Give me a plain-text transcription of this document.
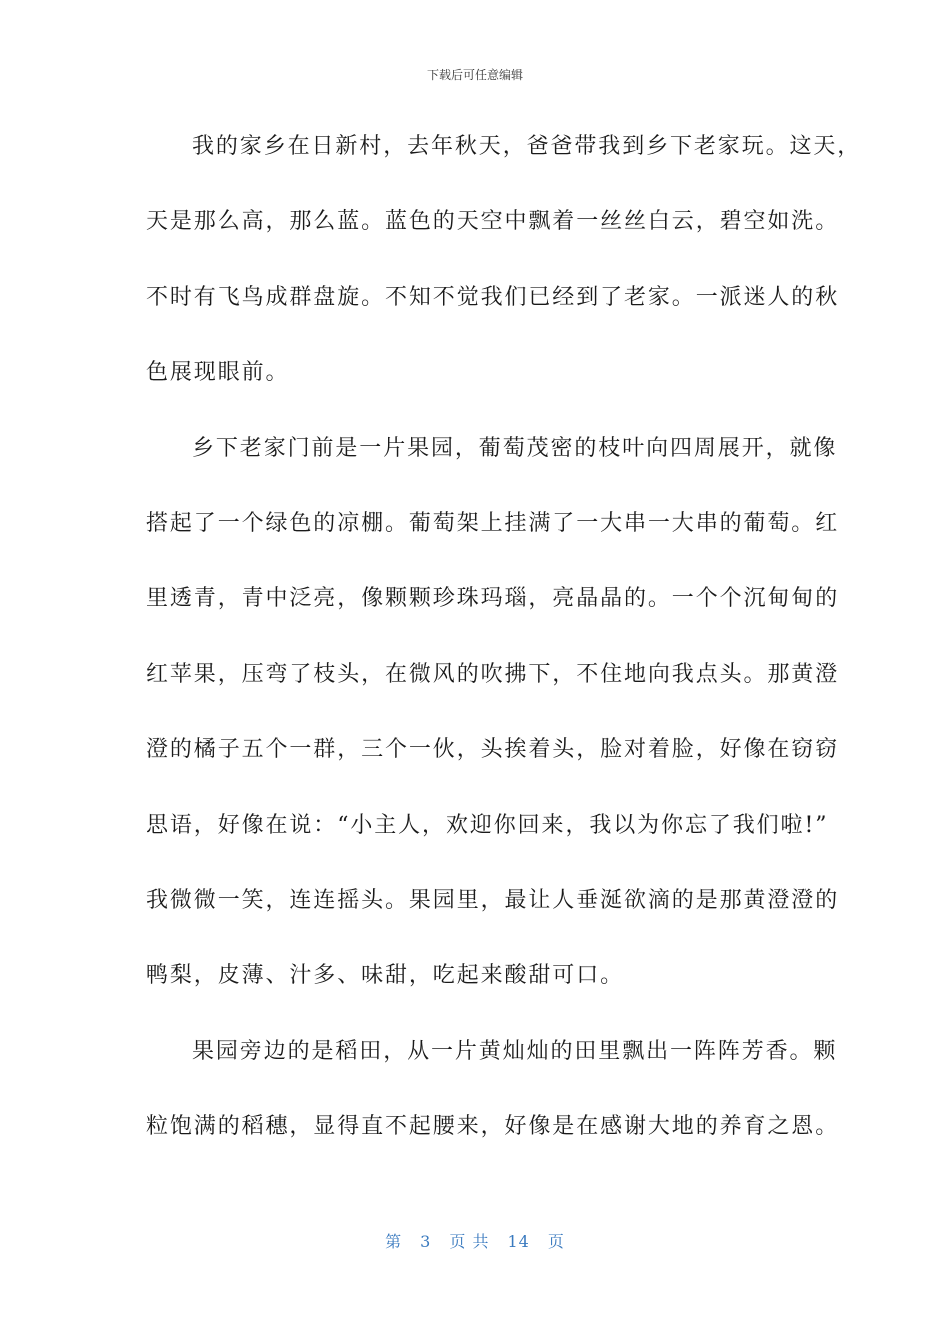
下载后可任意编辑
我的家乡在日新村，去年秋天，爸爸带我到乡下老家玩。这天，
天是那么高，那么蓝。蓝色的天空中飘着一丝丝白云，碧空如洗。
不时有飞鸟成群盘旋。不知不觉我们已经到了老家。一派迷人的秋
色展现眼前。
乡下老家门前是一片果园，葡萄茂密的枝叶向四周展开，就像
搭起了一个绿色的凉棚。葡萄架上挂满了一大串一大串的葡萄。红
里透青，青中泛亮，像颗颗珍珠玛瑙，亮晶晶的。一个个沉甸甸的
红苹果，压弯了枝头，在微风的吹拂下，不住地向我点头。那黄澄
澄的橘子五个一群，三个一伙，头挨着头，脸对着脸，好像在窃窃
思语，好像在说：“小主人，欢迎你回来，我以为你忘了我们啦!”
我微微一笑，连连摇头。果园里，最让人垂涎欲滴的是那黄澄澄的
鸭梨，皮薄、汁多、味甜，吃起来酸甜可口。
果园旁边的是稻田，从一片黄灿灿的田里飘出一阵阵芳香。颗
粒饱满的稻穗，显得直不起腰来，好像是在感谢大地的养育之恩。
第 3 页 共 14 页
